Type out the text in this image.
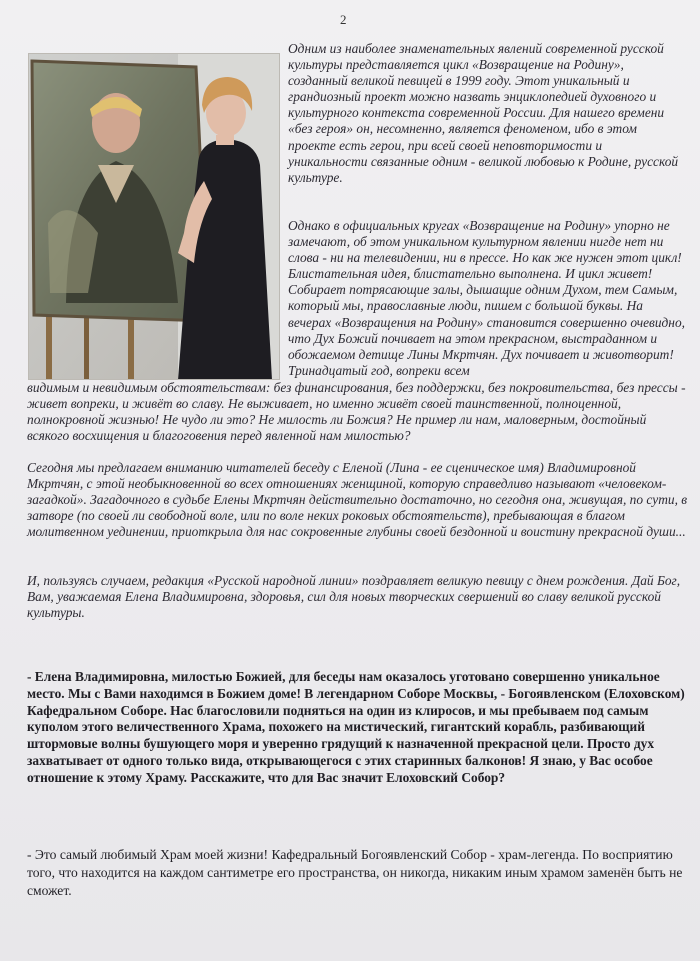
2

Одним из наиболее знаменательных явлений современной русской культуры представляется цикл «Возвращение на Родину», созданный великой певицей в 1999 году. Этот уникальный и грандиозный проект можно назвать энциклопедией духовного и культурного контекста современной России. Для нашего времени «без героя» он, несомненно, является феноменом, ибо в этом проекте есть герои, при всей своей неповторимости и уникальности связанные одним - великой любовью к Родине, русской культуре.

Однако в официальных кругах «Возвращение на Родину» упорно не замечают, об этом уникальном культурном явлении нигде нет ни слова - ни на телевидении, ни в прессе. Но как же нужен этот цикл! Блистательная идея, блистательно выполнена. И цикл живет! Собирает потрясающие залы, дышащие одним Духом, тем Самым, который мы, православные люди, пишем с большой буквы. На вечерах «Возвращения на Родину» становится совершенно очевидно, что Дух Божий почивает на этом прекрасном, выстраданном и обожаемом детище Лины Мкртчян. Дух почивает и животворит! Тринадцатый год, вопреки всем

видимым и невидимым обстоятельствам: без финансирования, без поддержки, без покровительства, без прессы - живет вопреки, и живёт во славу. Не выживает, но именно живёт своей таинственной, полноценной, полнокровной жизнью! Не чудо ли это? Не милость ли Божия? Не пример ли нам, маловерным, достойный всякого восхищения и благоговения перед явленной нам милостью?

Сегодня мы предлагаем вниманию читателей беседу с Еленой (Лина - ее сценическое имя) Владимировной Мкртчян, с этой необыкновенной во всех отношениях женщиной, которую справедливо называют «человеком-загадкой». Загадочного в судьбе Елены Мкртчян действительно достаточно, но сегодня она, живущая, по сути, в затворе (по своей ли свободной воле, или по воле неких роковых обстоятельств), пребывающая в благом молитвенном уединении, приоткрыла для нас сокровенные глубины своей бездонной и воистину прекрасной души...

И, пользуясь случаем, редакция «Русской народной линии» поздравляет великую певицу с днем рождения. Дай Бог, Вам, уважаемая Елена Владимировна, здоровья, сил для новых творческих свершений во славу великой русской культуры.

- Елена Владимировна, милостью Божией, для беседы нам оказалось уготовано совершенно уникальное место. Мы с Вами находимся в Божием доме! В легендарном Соборе Москвы, - Богоявленском (Елоховском) Кафедральном Соборе. Нас благословили подняться на один из клиросов, и мы пребываем под самым куполом этого величественного Храма, похожего на мистический, гигантский корабль, разбивающий штормовые волны бушующего моря и уверенно грядущий к назначенной прекрасной цели. Просто дух захватывает от одного только вида, открывающегося с этих старинных балконов! Я знаю, у Вас особое отношение к этому Храму. Расскажите, что для Вас значит Елоховский Собор?

- Это самый любимый Храм моей жизни! Кафедральный Богоявленский Собор - храм-легенда. По восприятию того, что находится на каждом сантиметре его пространства, он никогда, никаким иным храмом заменён быть не сможет.
